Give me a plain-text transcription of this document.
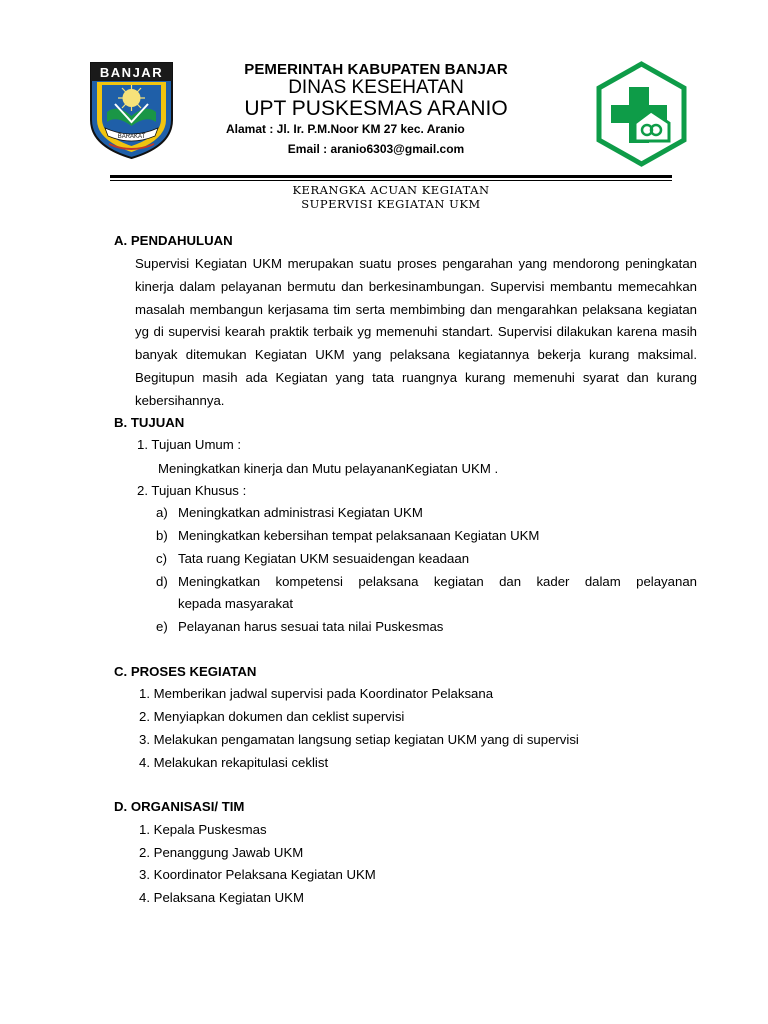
BANJAR
BARAKAT
PEMERINTAH KABUPATEN BANJAR
DINAS KESEHATAN
UPT PUSKESMAS ARANIO
Alamat : Jl. Ir. P.M.Noor KM 27 kec. Aranio
Email : aranio6303@gmail.com
KERANGKA ACUAN KEGIATAN
SUPERVISI KEGIATAN UKM
A. PENDAHULUAN

Supervisi Kegiatan UKM merupakan suatu proses pengarahan yang mendorong peningkatan kinerja dalam pelayanan bermutu dan berkesinambungan. Supervisi membantu memecahkan masalah membangun kerjasama tim serta membimbing dan mengarahkan pelaksana kegiatan yg di supervisi kearah praktik terbaik yg memenuhi standart. Supervisi dilakukan karena masih banyak ditemukan Kegiatan UKM yang pelaksana kegiatannya bekerja kurang maksimal. Begitupun masih ada Kegiatan yang tata ruangnya kurang memenuhi syarat dan kurang kebersihannya.

B. TUJUAN
1. Tujuan Umum :
Meningkatkan kinerja dan Mutu pelayananKegiatan UKM .
2. Tujuan Khusus :
a) Meningkatkan administrasi Kegiatan UKM
b) Meningkatkan kebersihan tempat pelaksanaan Kegiatan UKM
c) Tata ruang Kegiatan UKM sesuaidengan keadaan
d) Meningkatkan kompetensi pelaksana kegiatan dan kader dalam pelayanan
kepada masyarakat
e) Pelayanan harus sesuai tata nilai Puskesmas
C. PROSES KEGIATAN
1. Memberikan jadwal supervisi pada Koordinator Pelaksana
2. Menyiapkan dokumen dan ceklist supervisi
3. Melakukan pengamatan langsung setiap kegiatan UKM yang di supervisi
4. Melakukan rekapitulasi ceklist
D. ORGANISASI/ TIM
1. Kepala Puskesmas
2. Penanggung Jawab UKM
3. Koordinator Pelaksana Kegiatan UKM
4. Pelaksana Kegiatan UKM
